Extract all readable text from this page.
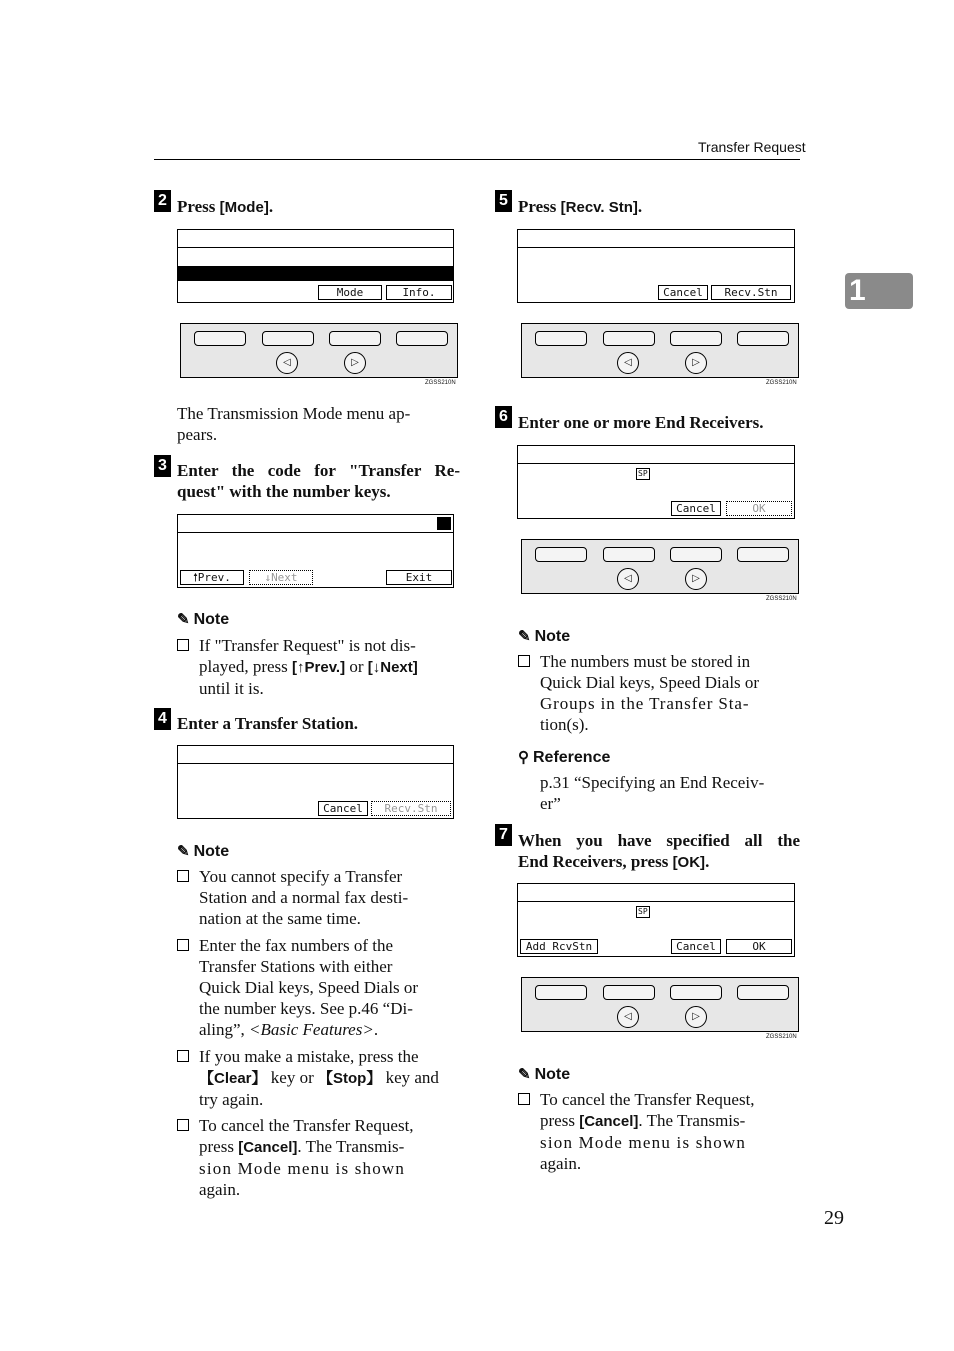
Transfer Request
1
2 Press [Mode].

Mode	Info.
◁	▷
ZGSS210N
The Transmission Mode menu ap-
pears.
3 Enter the code for "Transfer Re-
quest" with the number keys.

🠕Prev.	↓Next	Exit
✎ Note
If "Transfer Request" is not dis-
played, press [↑Prev.] or [↓Next]
until it is.
4 Enter a Transfer Station.

Cancel	Recv.Stn
✎ Note
You cannot specify a Transfer
Station and a normal fax desti-
nation at the same time.
Enter the fax numbers of the
Transfer Stations with either
Quick Dial keys, Speed Dials or
the number keys. See p.46 “Di-
aling”, <Basic Features>.
If you make a mistake, press the
【Clear】 key or 【Stop】 key and
try again.
To cancel the Transfer Request,
press [Cancel]. The Transmis-
sion Mode menu is shown
again.
5 Press [Recv. Stn].

Cancel	Recv.Stn
◁	▷
ZGSS210N
6 Enter one or more End Receivers.

SP

Cancel	OK
◁	▷
ZGSS210N
✎ Note
The numbers must be stored in
Quick Dial keys, Speed Dials or
Groups in the Transfer Sta-
tion(s).
⚲ Reference
p.31 “Specifying an End Receiv-
er”
7 When you have specified all the
End Receivers, press [OK].

SP

Add RcvStn	Cancel	OK
◁	▷
ZGSS210N
✎ Note
To cancel the Transfer Request,
press [Cancel]. The Transmis-
sion Mode menu is shown
again.
29
